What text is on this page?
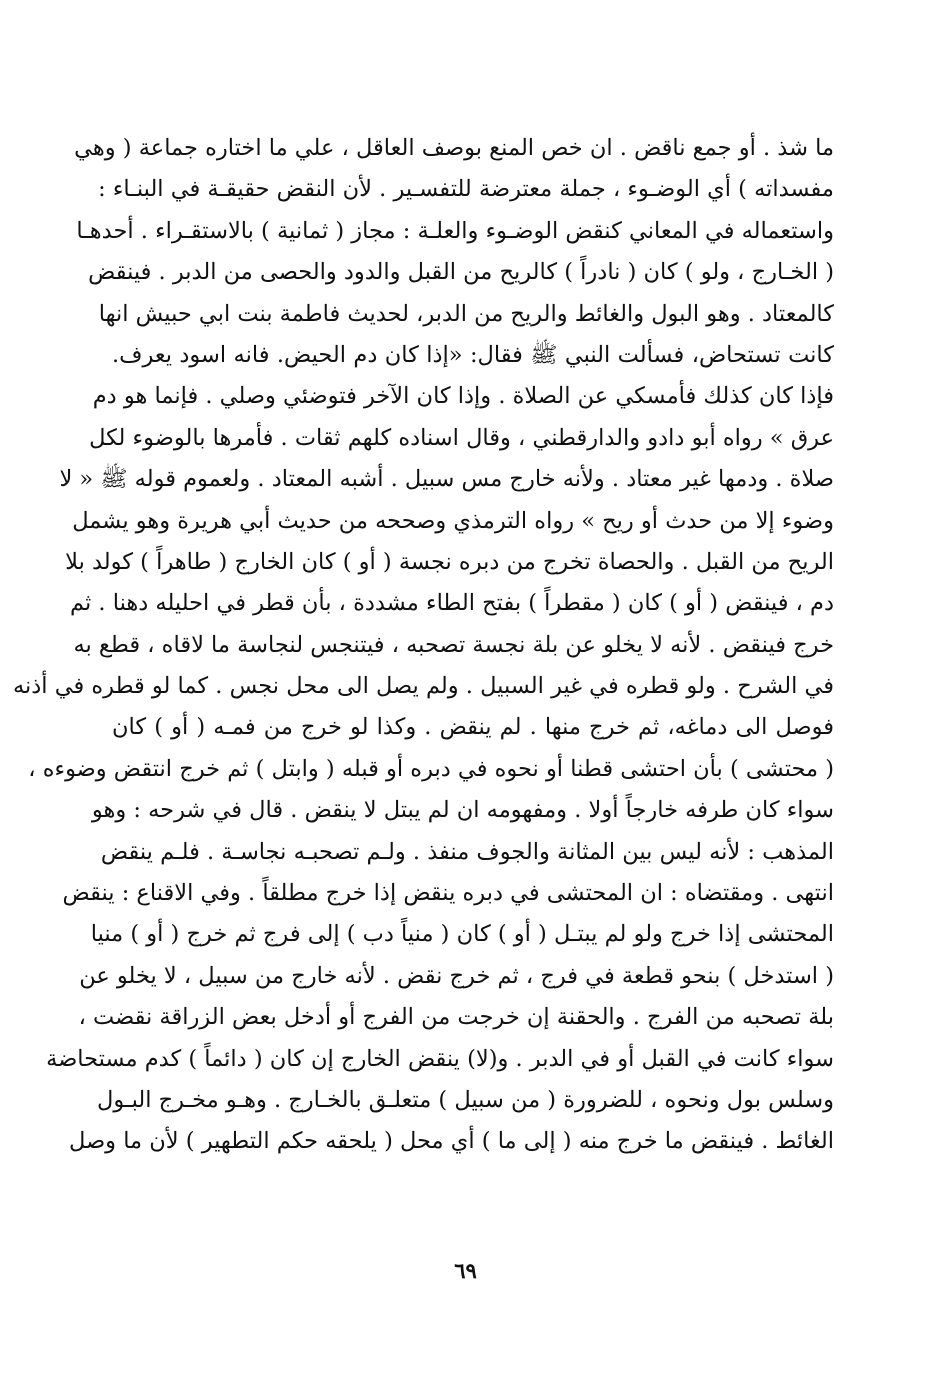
ما شذ . أو جمع ناقض . ان خص المنع بوصف العاقل ، علي ما اختاره جماعة ( وهي
مفسداته ) أي الوضـوء ، جملة معترضة للتفسـير . لأن النقض حقيقـة في البنـاء :
واستعماله في المعاني كنقض الوضـوء والعلـة : مجاز ( ثمانية ) بالاستقـراء . أحدهـا
( الخـارج ، ولو ) كان ( نادراً ) كالريح من القبل والدود والحصى من الدبر . فينقض
كالمعتاد . وهو البول والغائط والريح من الدبر، لحديث فاطمة بنت ابي حبيش انها
كانت تستحاض، فسألت النبي ﷺ فقال: «إذا كان دم الحيض. فانه اسود يعرف.
فإذا كان كذلك فأمسكي عن الصلاة . وإذا كان الآخر فتوضئي وصلي . فإنما هو دم
عرق » رواه أبو دادو والدارقطني ، وقال اسناده كلهم ثقات . فأمرها بالوضوء لكل
صلاة . ودمها غير معتاد . ولأنه خارج مس سبيل . أشبه المعتاد . ولعموم قوله ﷺ « لا
وضوء إلا من حدث أو ريح » رواه الترمذي وصححه من حديث أبي هريرة وهو يشمل
الريح من القبل . والحصاة تخرج من دبره نجسة ( أو ) كان الخارج ( طاهراً ) كولد بلا
دم ، فينقض ( أو ) كان ( مقطراً ) بفتح الطاء مشددة ، بأن قطر في احليله دهنا . ثم
خرج فينقض . لأنه لا يخلو عن بلة نجسة تصحبه ، فيتنجس لنجاسة ما لاقاه ، قطع به
في الشرح . ولو قطره في غير السبيل . ولم يصل الى محل نجس . كما لو قطره في أذنه
فوصل الى دماغه، ثم خرج منها . لم ينقض . وكذا لو خرج من فمـه ( أو ) كان
( محتشى ) بأن احتشى قطنا أو نحوه في دبره أو قبله ( وابتل ) ثم خرج انتقض وضوءه ،
سواء كان طرفه خارجاً أولا . ومفهومه ان لم يبتل لا ينقض . قال في شرحه : وهو
المذهب : لأنه ليس بين المثانة والجوف منفذ . ولـم تصحبـه نجاسـة . فلـم ينقض
انتهى . ومقتضاه : ان المحتشى في دبره ينقض إذا خرج مطلقاً . وفي الاقناع : ينقض
المحتشى إذا خرج ولو لم يبتـل ( أو ) كان ( منياً دب ) إلى فرج ثم خرج ( أو ) منيا
( استدخل ) بنحو قطعة في فرج ، ثم خرج نقض . لأنه خارج من سبيل ، لا يخلو عن
بلة تصحبه من الفرج . والحقنة إن خرجت من الفرج أو أدخل بعض الزراقة نقضت ،
سواء كانت في القبل أو في الدبر . و(لا) ينقض الخارج إن كان ( دائماً ) كدم مستحاضة
وسلس بول ونحوه ، للضرورة ( من سبيل ) متعلـق بالخـارج . وهـو مخـرج البـول
الغائط . فينقض ما خرج منه ( إلى ما ) أي محل ( يلحقه حكم التطهير ) لأن ما وصل
٦٩
